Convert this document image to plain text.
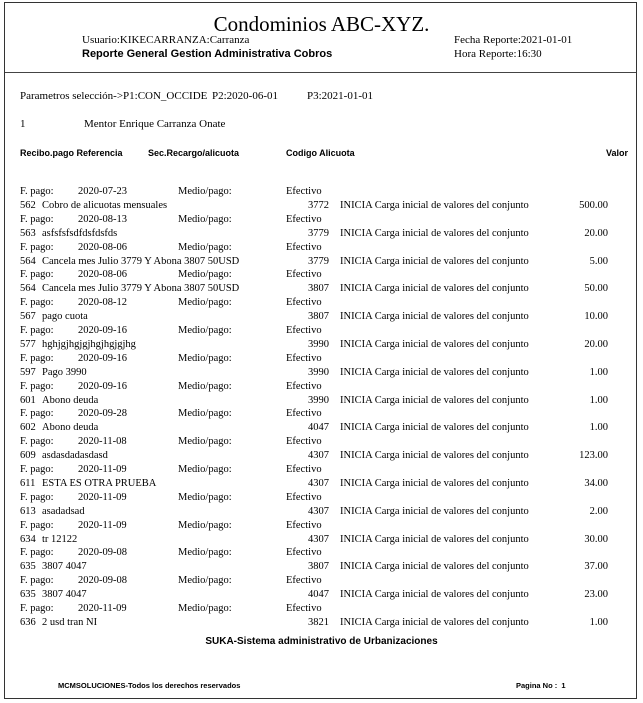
Condominios ABC-XYZ.
Usuario:KIKECARRANZA:Carranza
Reporte General Gestion Administrativa Cobros
Fecha Reporte:2021-01-01
Hora Reporte:16:30
Parametros selección->P1:CON_OCCIDE P2:2020-06-01	P3:2021-01-01
1	Mentor Enrique Carranza Onate
Recibo.pago Referencia	Sec.Recargo/alicuota	Codigo Alicuota	Valor
F. pago: 2020-07-23	Medio/pago:	Efectivo
562 Cobro de alicuotas mensuales	3772 INICIA Carga inicial de valores del conjunto	500.00
F. pago: 2020-08-13	Medio/pago:	Efectivo
563 asfsfsfsdfdsfdsfds	3779 INICIA Carga inicial de valores del conjunto	20.00
F. pago: 2020-08-06	Medio/pago:	Efectivo
564 Cancela mes Julio 3779 Y Abona 3807 50USD	3779 INICIA Carga inicial de valores del conjunto	5.00
F. pago: 2020-08-06	Medio/pago:	Efectivo
564 Cancela mes Julio 3779 Y Abona 3807 50USD	3807 INICIA Carga inicial de valores del conjunto	50.00
F. pago: 2020-08-12	Medio/pago:	Efectivo
567 pago cuota	3807 INICIA Carga inicial de valores del conjunto	10.00
F. pago: 2020-09-16	Medio/pago:	Efectivo
577 hghjgjhgjgjhgjhgjgjhg	3990 INICIA Carga inicial de valores del conjunto	20.00
F. pago: 2020-09-16	Medio/pago:	Efectivo
597 Pago 3990	3990 INICIA Carga inicial de valores del conjunto	1.00
F. pago: 2020-09-16	Medio/pago:	Efectivo
601 Abono deuda	3990 INICIA Carga inicial de valores del conjunto	1.00
F. pago: 2020-09-28	Medio/pago:	Efectivo
602 Abono deuda	4047 INICIA Carga inicial de valores del conjunto	1.00
F. pago: 2020-11-08	Medio/pago:	Efectivo
609 asdasdadasdasd	4307 INICIA Carga inicial de valores del conjunto	123.00
F. pago: 2020-11-09	Medio/pago:	Efectivo
611 ESTA ES OTRA PRUEBA	4307 INICIA Carga inicial de valores del conjunto	34.00
F. pago: 2020-11-09	Medio/pago:	Efectivo
613 asadadsad	4307 INICIA Carga inicial de valores del conjunto	2.00
F. pago: 2020-11-09	Medio/pago:	Efectivo
634 tr 12122	4307 INICIA Carga inicial de valores del conjunto	30.00
F. pago: 2020-09-08	Medio/pago:	Efectivo
635 3807 4047	3807 INICIA Carga inicial de valores del conjunto	37.00
F. pago: 2020-09-08	Medio/pago:	Efectivo
635 3807 4047	4047 INICIA Carga inicial de valores del conjunto	23.00
F. pago: 2020-11-09	Medio/pago:	Efectivo
636 2 usd tran NI	3821 INICIA Carga inicial de valores del conjunto	1.00
SUKA-Sistema administrativo de Urbanizaciones
MCMSOLUCIONES-Todos los derechos reservados	Pagina No :  1
